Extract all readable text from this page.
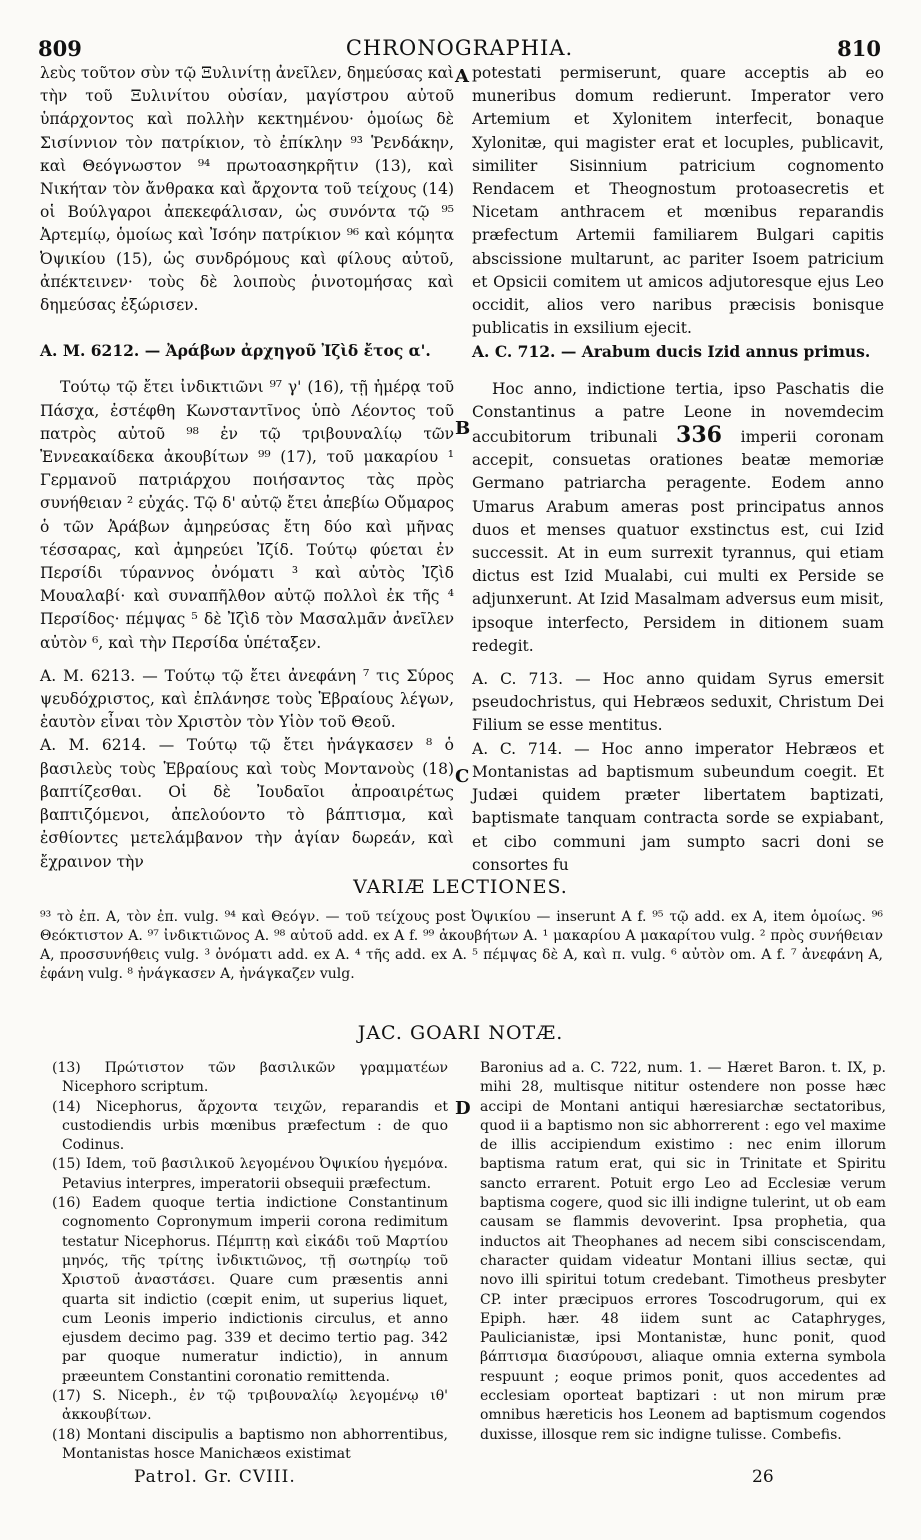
809	CHRONOGRAPHIA.	810

λεὺς τοῦτον σὺν τῷ Ξυλινίτῃ ἀνεῖλεν, δημεύσας καὶ τὴν τοῦ Ξυλινίτου οὐσίαν, μαγίστρου αὐτοῦ ὑπάρχοντος καὶ πολλὴν κεκτημένου· ὁμοίως δὲ Σισίννιον τὸν πατρίκιον, τὸ ἐπίκλην ⁹³ Ῥενδάκην, καὶ Θεόγνωστον ⁹⁴ πρωτοασηκρῆτιν (13), καὶ Νικήταν τὸν ἄνθρακα καὶ ἄρχοντα τοῦ τείχους (14) οἱ Βούλγαροι ἀπεκεφάλισαν, ὡς συνόντα τῷ ⁹⁵ Ἀρτεμίῳ, ὁμοίως καὶ Ἰσόην πατρίκιον ⁹⁶ καὶ κόμητα Ὀψικίου (15), ὡς συνδρόμους καὶ φίλους αὐτοῦ, ἀπέκτεινεν· τοὺς δὲ λοιποὺς ῥινοτομήσας καὶ δημεύσας ἐξώρισεν.

A. M. 6212. — Ἀράβων ἀρχηγοῦ Ἰζὶδ ἔτος α'.

Τούτῳ τῷ ἔτει ἰνδικτιῶνι ⁹⁷ γ' (16), τῇ ἡμέρᾳ τοῦ Πάσχα, ἐστέφθη Κωνσταντῖνος ὑπὸ Λέοντος τοῦ πατρὸς αὐτοῦ ⁹⁸ ἐν τῷ τριβουναλίῳ τῶν Ἐννεακαίδεκα ἀκουβίτων ⁹⁹ (17), τοῦ μακαρίου ¹ Γερμανοῦ πατριάρχου ποιήσαντος τὰς πρὸς συνήθειαν ² εὐχάς. Τῷ δ' αὐτῷ ἔτει ἀπεβίω Οὔμαρος ὁ τῶν Ἀράβων ἀμηρεύσας ἔτη δύο καὶ μῆνας τέσσαρας, καὶ ἀμηρεύει Ἰζίδ. Τούτῳ φύεται ἐν Περσίδι τύραννος ὀνόματι ³ καὶ αὐτὸς Ἰζὶδ Μουαλαβί· καὶ συναπῆλθον αὐτῷ πολλοὶ ἐκ τῆς ⁴ Περσίδος· πέμψας ⁵ δὲ Ἰζὶδ τὸν Μασαλμᾶν ἀνεῖλεν αὐτὸν ⁶, καὶ τὴν Περσίδα ὑπέταξεν.

A. M. 6213. — Τούτῳ τῷ ἔτει ἀνεφάνη ⁷ τις Σύρος ψευδόχριστος, καὶ ἐπλάνησε τοὺς Ἑβραίους λέγων, ἑαυτὸν εἶναι τὸν Χριστὸν τὸν Υἱὸν τοῦ Θεοῦ.

A. M. 6214. — Τούτῳ τῷ ἔτει ἠνάγκασεν ⁸ ὁ βασιλεὺς τοὺς Ἑβραίους καὶ τοὺς Μοντανοὺς (18) βαπτίζεσθαι. Οἱ δὲ Ἰουδαῖοι ἀπροαιρέτως βαπτιζόμενοι, ἀπελούοντο τὸ βάπτισμα, καὶ ἐσθίοντες μετελάμβανον τὴν ἁγίαν δωρεάν, καὶ ἔχραινον τὴν

A
B
C
D

potestati permiserunt, quare acceptis ab eo muneribus domum redierunt. Imperator vero Artemium et Xylonitem interfecit, bonaque Xylonitæ, qui magister erat et locuples, publicavit, similiter Sisinnium patricium cognomento Rendacem et Theognostum protoasecretis et Nicetam anthracem et mœnibus reparandis præfectum Artemii familiarem Bulgari capitis abscissione multarunt, ac pariter Isoem patricium et Opsicii comitem ut amicos adjutoresque ejus Leo occidit, alios vero naribus præcisis bonisque publicatis in exsilium ejecit.

A. C. 712. — Arabum ducis Izid annus primus.

Hoc anno, indictione tertia, ipso Paschatis die Constantinus a patre Leone in novemdecim accubitorum tribunali 336 imperii coronam accepit, consuetas orationes beatæ memoriæ Germano patriarcha peragente. Eodem anno Umarus Arabum ameras post principatus annos duos et menses quatuor exstinctus est, cui Izid successit. At in eum surrexit tyrannus, qui etiam dictus est Izid Mualabi, cui multi ex Perside se adjunxerunt. At Izid Masalmam adversus eum misit, ipsoque interfecto, Persidem in ditionem suam redegit.

A. C. 713. — Hoc anno quidam Syrus emersit pseudochristus, qui Hebræos seduxit, Christum Dei Filium se esse mentitus.

A. C. 714. — Hoc anno imperator Hebræos et Montanistas ad baptismum subeundum coegit. Et Judæi quidem præter libertatem baptizati, baptismate tanquam contracta sorde se expiabant, et cibo communi jam sumpto sacri doni se consortes fu

VARIÆ LECTIONES.

⁹³ τὸ ἐπ. A, τὸν ἐπ. vulg. ⁹⁴ καὶ Θεόγν. — τοῦ τείχους post Ὀψικίου — inserunt A f. ⁹⁵ τῷ add. ex A, item ὁμοίως. ⁹⁶ Θεόκτιστον A. ⁹⁷ ἰνδικτιῶνος A. ⁹⁸ αὐτοῦ add. ex A f. ⁹⁹ ἀκουβήτων A. ¹ μακαρίου A μακαρίτου vulg. ² πρὸς συνήθειαν A, προσσυνήθεις vulg. ³ ὀνόματι add. ex A. ⁴ τῆς add. ex A. ⁵ πέμψας δὲ A, καὶ π. vulg. ⁶ αὐτὸν om. A f. ⁷ ἀνεφάνη A, ἐφάνη vulg. ⁸ ἠνάγκασεν A, ἠνάγκαζεν vulg.

JAC. GOARI NOTÆ.

(13) Πρώτιστον τῶν βασιλικῶν γραμματέων Nicephoro scriptum.

(14) Nicephorus, ἄρχοντα τειχῶν, reparandis et custodiendis urbis mœnibus præfectum : de quo Codinus.

(15) Idem, τοῦ βασιλικοῦ λεγομένου Ὀψικίου ἡγεμόνα. Petavius interpres, imperatorii obsequii præfectum.

(16) Eadem quoque tertia indictione Constantinum cognomento Copronymum imperii corona redimitum testatur Nicephorus. Πέμπτῃ καὶ εἰκάδι τοῦ Μαρτίου μηνός, τῆς τρίτης ἰνδικτιῶνος, τῇ σωτηρίῳ τοῦ Χριστοῦ ἀναστάσει. Quare cum præsentis anni quarta sit indictio (cœpit enim, ut superius liquet, cum Leonis imperio indictionis circulus, et anno ejusdem decimo pag. 339 et decimo tertio pag. 342 par quoque numeratur indictio), in annum præeuntem Constantini coronatio remittenda.

(17) S. Niceph., ἐν τῷ τριβουναλίῳ λεγομένῳ ιθ' ἀκκουβίτων.

(18) Montani discipulis a baptismo non abhorrentibus, Montanistas hosce Manichæos existimat

Baronius ad a. C. 722, num. 1. — Hæret Baron. t. IX, p. mihi 28, multisque nititur ostendere non posse hæc accipi de Montani antiqui hæresiarchæ sectatoribus, quod ii a baptismo non sic abhorrerent : ego vel maxime de illis accipiendum existimo : nec enim illorum baptisma ratum erat, qui sic in Trinitate et Spiritu sancto errarent. Potuit ergo Leo ad Ecclesiæ verum baptisma cogere, quod sic illi indigne tulerint, ut ob eam causam se flammis devoverint. Ipsa prophetia, qua inductos ait Theophanes ad necem sibi consciscendam, character quidam videatur Montani illius sectæ, qui novo illi spiritui totum credebant. Timotheus presbyter CP. inter præcipuos errores Toscodrugorum, qui ex Epiph. hær. 48 iidem sunt ac Cataphryges, Paulicianistæ, ipsi Montanistæ, hunc ponit, quod βάπτισμα διασύρουσι, aliaque omnia externa symbola respuunt ; eoque primos ponit, quos accedentes ad ecclesiam oporteat baptizari : ut non mirum præ omnibus hæreticis hos Leonem ad baptismum cogendos duxisse, illosque rem sic indigne tulisse. Combefis.

Patrol. Gr. CVIII.	26
